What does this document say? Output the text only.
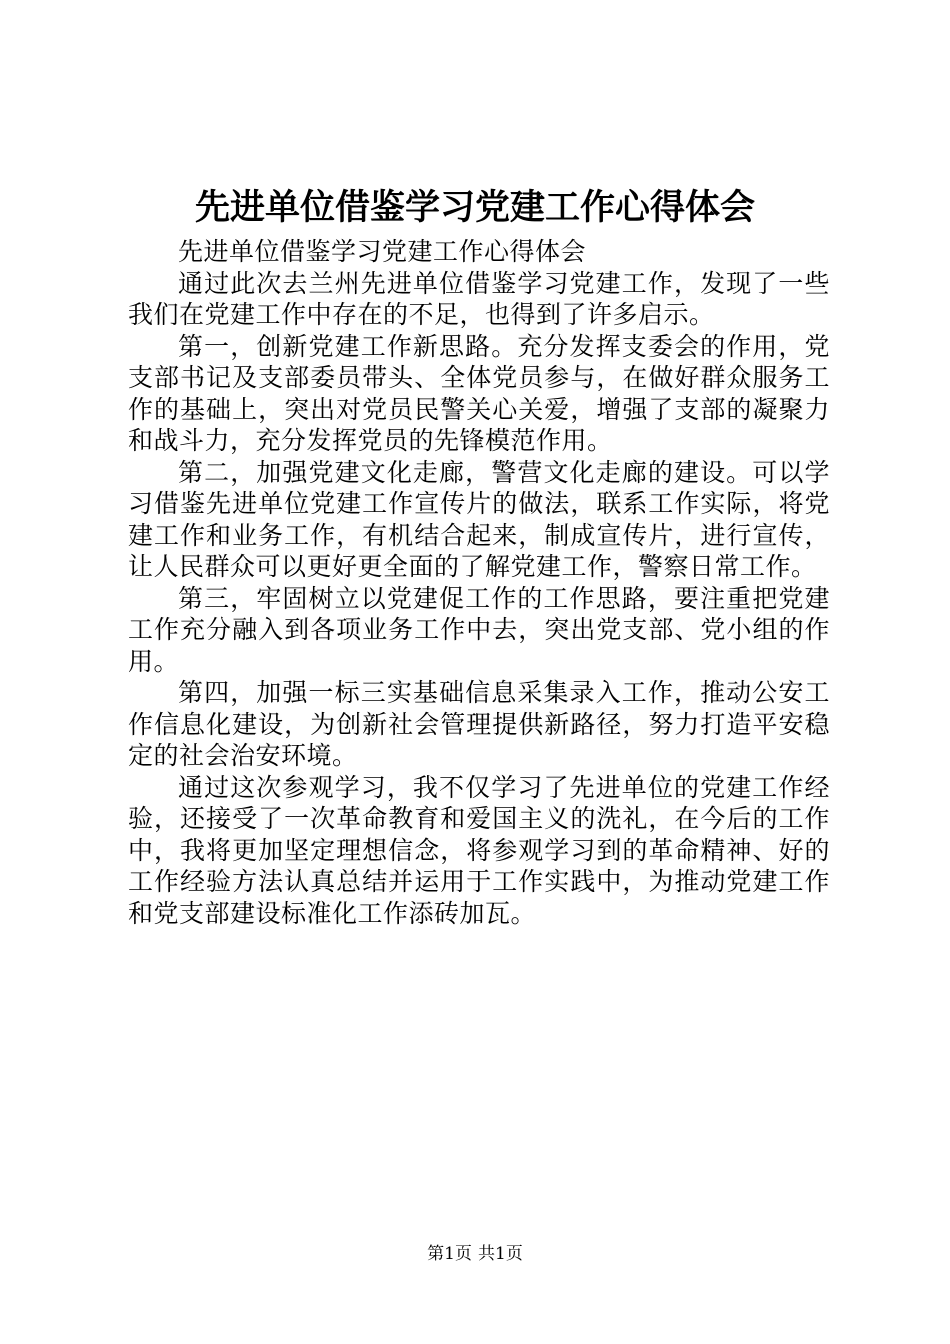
先进单位借鉴学习党建工作心得体会

先进单位借鉴学习党建工作心得体会

通过此次去兰州先进单位借鉴学习党建工作，发现了一些我们在党建工作中存在的不足，也得到了许多启示。

第一，创新党建工作新思路。充分发挥支委会的作用，党支部书记及支部委员带头、全体党员参与，在做好群众服务工作的基础上，突出对党员民警关心关爱，增强了支部的凝聚力和战斗力，充分发挥党员的先锋模范作用。

第二，加强党建文化走廊，警营文化走廊的建设。可以学习借鉴先进单位党建工作宣传片的做法，联系工作实际，将党建工作和业务工作，有机结合起来，制成宣传片，进行宣传，让人民群众可以更好更全面的了解党建工作，警察日常工作。

第三，牢固树立以党建促工作的工作思路，要注重把党建工作充分融入到各项业务工作中去，突出党支部、党小组的作用。

第四，加强一标三实基础信息采集录入工作，推动公安工作信息化建设，为创新社会管理提供新路径，努力打造平安稳定的社会治安环境。

通过这次参观学习，我不仅学习了先进单位的党建工作经验，还接受了一次革命教育和爱国主义的洗礼，在今后的工作中，我将更加坚定理想信念，将参观学习到的革命精神、好的工作经验方法认真总结并运用于工作实践中，为推动党建工作和党支部建设标准化工作添砖加瓦。

第1页 共1页
